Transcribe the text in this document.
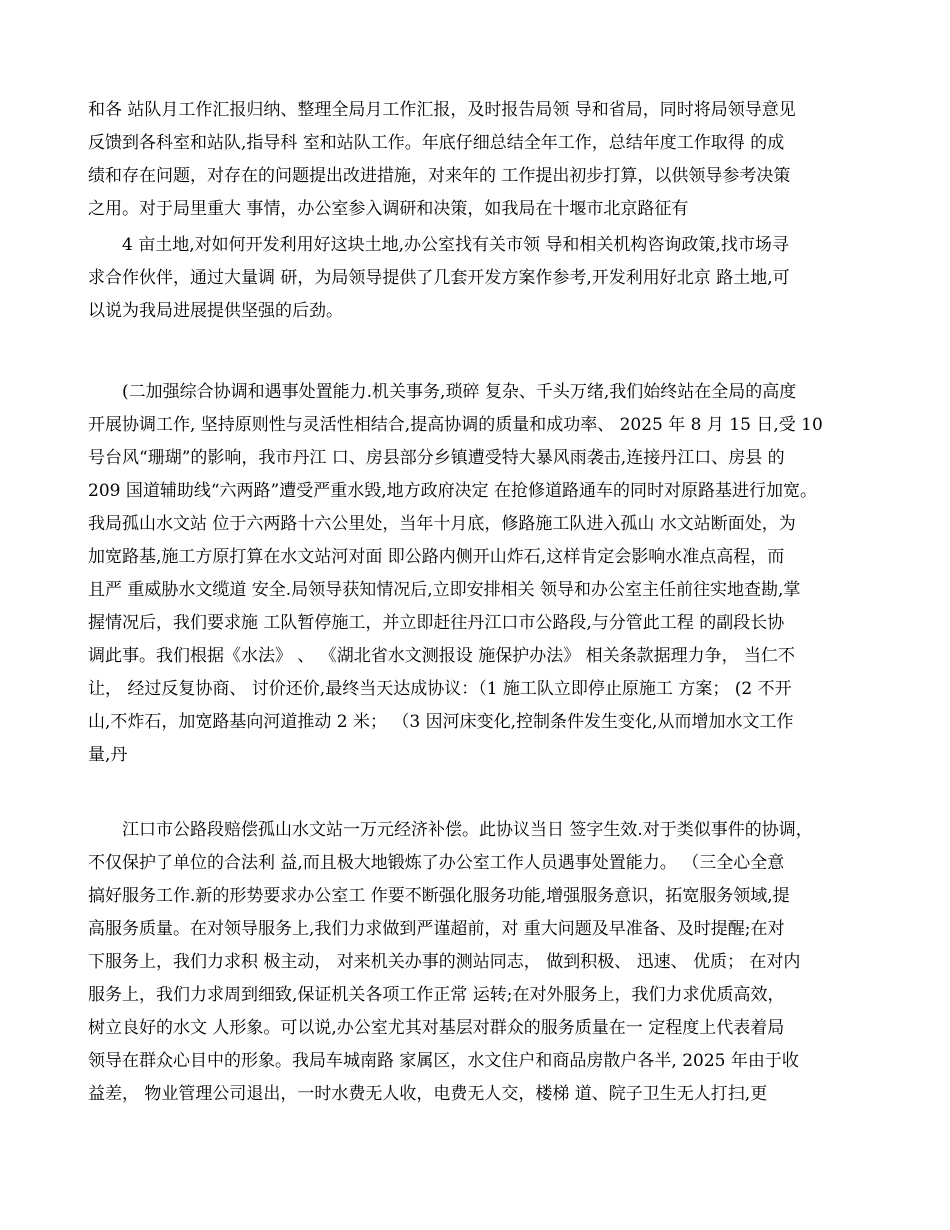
和各 站队月工作汇报归纳、整理全局月工作汇报，及时报告局领 导和省局，同时将局领导意见
反馈到各科室和站队,指导科 室和站队工作。年底仔细总结全年工作，总结年度工作取得 的成
绩和存在问题，对存在的问题提出改进措施，对来年的 工作提出初步打算，以供领导参考决策
之用。对于局里重大 事情，办公室参入调研和决策，如我局在十堰市北京路征有
4 亩土地,对如何开发利用好这块土地,办公室找有关市领 导和相关机构咨询政策,找市场寻
求合作伙伴，通过大量调 研，为局领导提供了几套开发方案作参考,开发利用好北京 路土地,可
以说为我局进展提供坚强的后劲。
(二加强综合协调和遇事处置能力.机关事务,琐碎 复杂、千头万绪,我们始终站在全局的高度
开展协调工作, 坚持原则性与灵活性相结合,提高协调的质量和成功率、 2025 年 8 月 15 日,受 10
号台风“珊瑚”的影响，我市丹江 口、房县部分乡镇遭受特大暴风雨袭击,连接丹江口、房县 的
209 国道辅助线“六两路”遭受严重水毁,地方政府决定 在抢修道路通车的同时对原路基进行加宽。
我局孤山水文站 位于六两路十六公里处，当年十月底，修路施工队进入孤山 水文站断面处，为
加宽路基,施工方原打算在水文站河对面 即公路内侧开山炸石,这样肯定会影响水准点高程，而
且严 重威胁水文缆道 安全.局领导获知情况后,立即安排相关 领导和办公室主任前往实地查勘,掌
握情况后，我们要求施 工队暂停施工，并立即赶往丹江口市公路段,与分管此工程 的副段长协
调此事。我们根据《水法》 、 《湖北省水文测报设 施保护办法》 相关条款据理力争， 当仁不
让， 经过反复协商、 讨价还价,最终当天达成协议：（1 施工队立即停止原施工 方案； (2 不开
山,不炸石，加宽路基向河道推动 2 米； （3 因河床变化,控制条件发生变化,从而增加水文工作
量,丹
江口市公路段赔偿孤山水文站一万元经济补偿。此协议当日 签字生效.对于类似事件的协调，
不仅保护了单位的合法利 益,而且极大地锻炼了办公室工作人员遇事处置能力。 （三全心全意
搞好服务工作.新的形势要求办公室工 作要不断强化服务功能,增强服务意识，拓宽服务领域,提
高服务质量。在对领导服务上,我们力求做到严谨超前，对 重大问题及早准备、及时提醒;在对
下服务上，我们力求积 极主动， 对来机关办事的测站同志， 做到积极、 迅速、 优质； 在对内
服务上，我们力求周到细致,保证机关各项工作正常 运转;在对外服务上，我们力求优质高效，
树立良好的水文 人形象。可以说,办公室尤其对基层对群众的服务质量在一 定程度上代表着局
领导在群众心目中的形象。我局车城南路 家属区，水文住户和商品房散户各半, 2025 年由于收
益差， 物业管理公司退出，一时水费无人收，电费无人交，楼梯 道、院子卫生无人打扫,更
